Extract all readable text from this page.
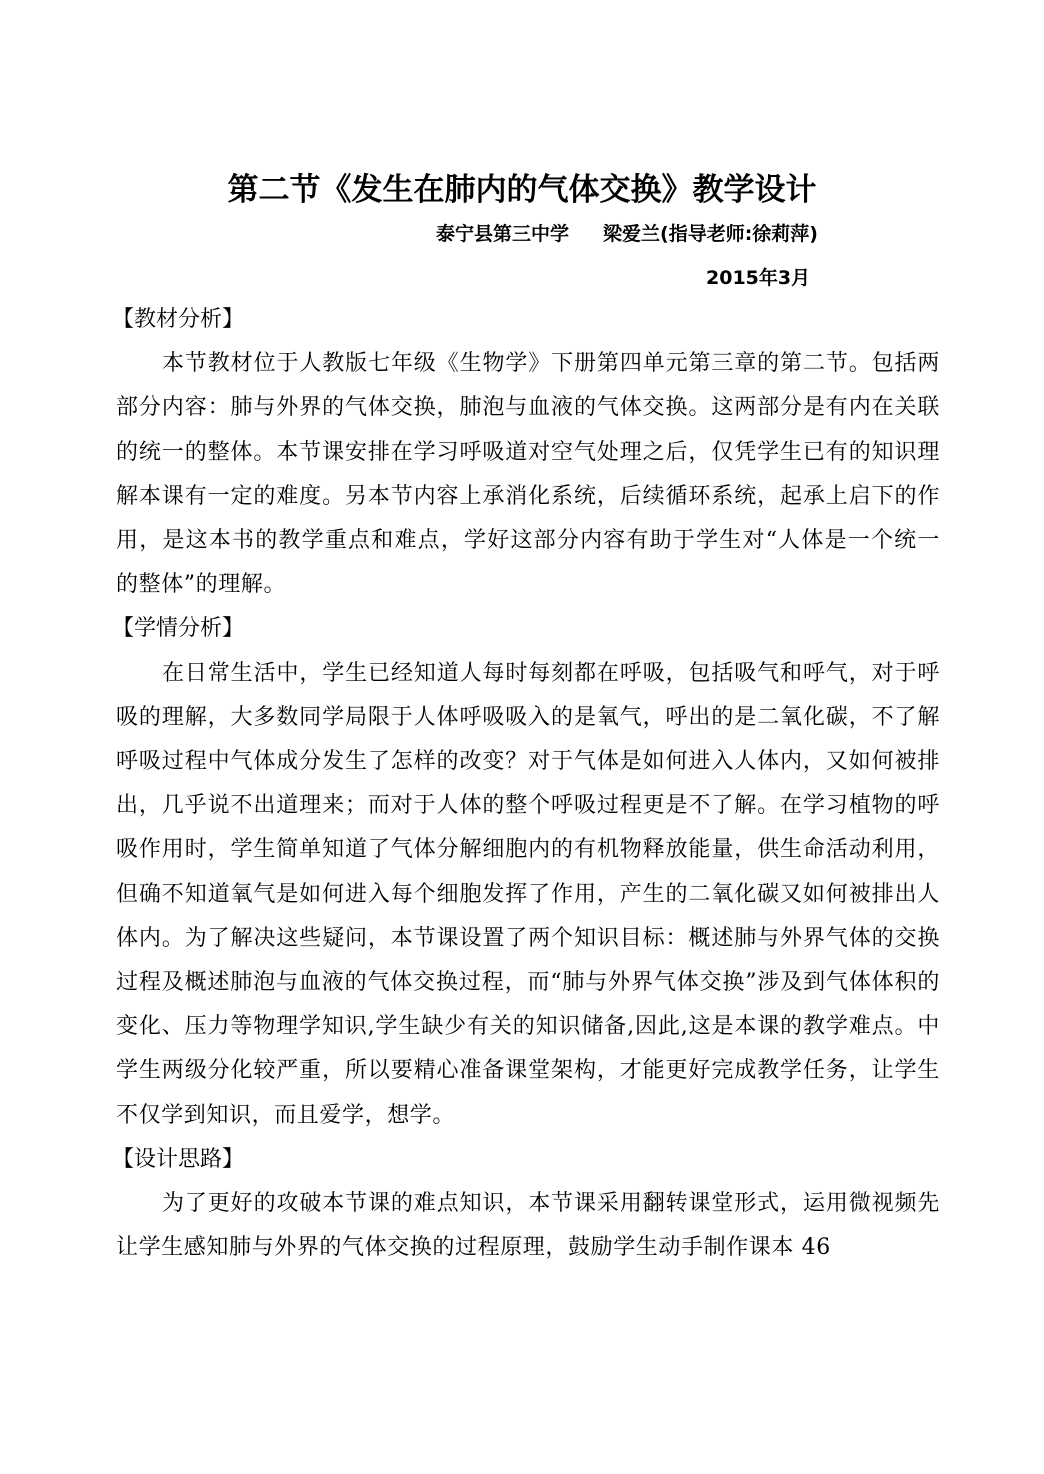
第二节《发生在肺内的气体交换》教学设计
泰宁县第三中学 梁爱兰(指导老师:徐莉萍)
2015年3月
【教材分析】

本节教材位于人教版七年级《生物学》下册第四单元第三章的第二节。包括两部分内容：肺与外界的气体交换，肺泡与血液的气体交换。这两部分是有内在关联的统一的整体。本节课安排在学习呼吸道对空气处理之后，仅凭学生已有的知识理解本课有一定的难度。另本节内容上承消化系统，后续循环系统，起承上启下的作用，是这本书的教学重点和难点，学好这部分内容有助于学生对“人体是一个统一的整体”的理解。

【学情分析】

在日常生活中，学生已经知道人每时每刻都在呼吸，包括吸气和呼气，对于呼吸的理解，大多数同学局限于人体呼吸吸入的是氧气，呼出的是二氧化碳，不了解呼吸过程中气体成分发生了怎样的改变？对于气体是如何进入人体内，又如何被排出，几乎说不出道理来；而对于人体的整个呼吸过程更是不了解。在学习植物的呼吸作用时，学生简单知道了气体分解细胞内的有机物释放能量，供生命活动利用，但确不知道氧气是如何进入每个细胞发挥了作用，产生的二氧化碳又如何被排出人体内。为了解决这些疑问，本节课设置了两个知识目标：概述肺与外界气体的交换过程及概述肺泡与血液的气体交换过程，而“肺与外界气体交换”涉及到气体体积的变化、压力等物理学知识,学生缺少有关的知识储备,因此,这是本课的教学难点。中学生两级分化较严重，所以要精心准备课堂架构，才能更好完成教学任务，让学生不仅学到知识，而且爱学，想学。

【设计思路】

为了更好的攻破本节课的难点知识，本节课采用翻转课堂形式，运用微视频先让学生感知肺与外界的气体交换的过程原理，鼓励学生动手制作课本 46
